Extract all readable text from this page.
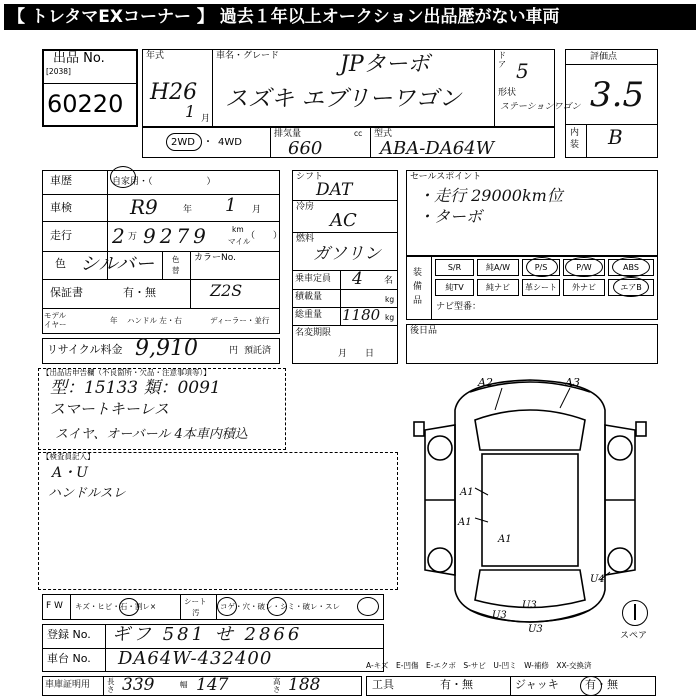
【 トレタマEXコーナー 】 過去１年以上オークション出品歴がない車両
出品 No.
[2038]
60220
年式
H26
1 月
車名・グレード	JPターボ
スズキ エブリーワゴン
ドア 5
形状
ステーションワゴン
評価点
3.5
内装 B
2WD ・ 4WD
排気量	cc
660
型式
ABA-DA64W
車歴	自家用・（　　　　　　）
車検	R9	年 1 月
走行 2 万 9279	km
マイル
（　　）
色 シルバー 色替
カラーNo.
保証書	有・無	Z2S
モデル
イヤー	年 ハンドル 左・右	ディーラー・並行
リサイクル料金 9,910	円 預託済
シフト
DAT
冷房
AC
燃料
ガソリン
乗車定員 4 名
積載量	kg
総重量 1180 kg
名変期限
月　　日
セールスポイント
・走行 29000km位
・ターボ
装備品
S/R	純A/W	P/S	P/W	ABS
純TV	純ナビ	革シート	外ナビ	エアB
ナビ型番：
後日品
【出品店申告欄（不良箇所・欠品・注意事項等）】
型：15133 類：0091
スマートキーレス
スイヤ、オーバール 4本車内積込
【検査員記入】
A・U
ハンドルスレ
A2	A3
A1
A1
A1
U4
U3
U3
U3
スペア
F W キズ・ヒビ・石・割レ×
シート
汚
コゲ・穴・破レ・シミ・破レ・スレ
登録 No. ギフ 581 せ 2866
車台 No. DA64W-432400	A-キズ　E-凹傷　E-エクボ　S-サビ　U-凹ミ　W-補修　XX-交換済
車庫証明用 長さ 339	幅 147	高さ 188	工具	有・無	ジャッキ 有・無
